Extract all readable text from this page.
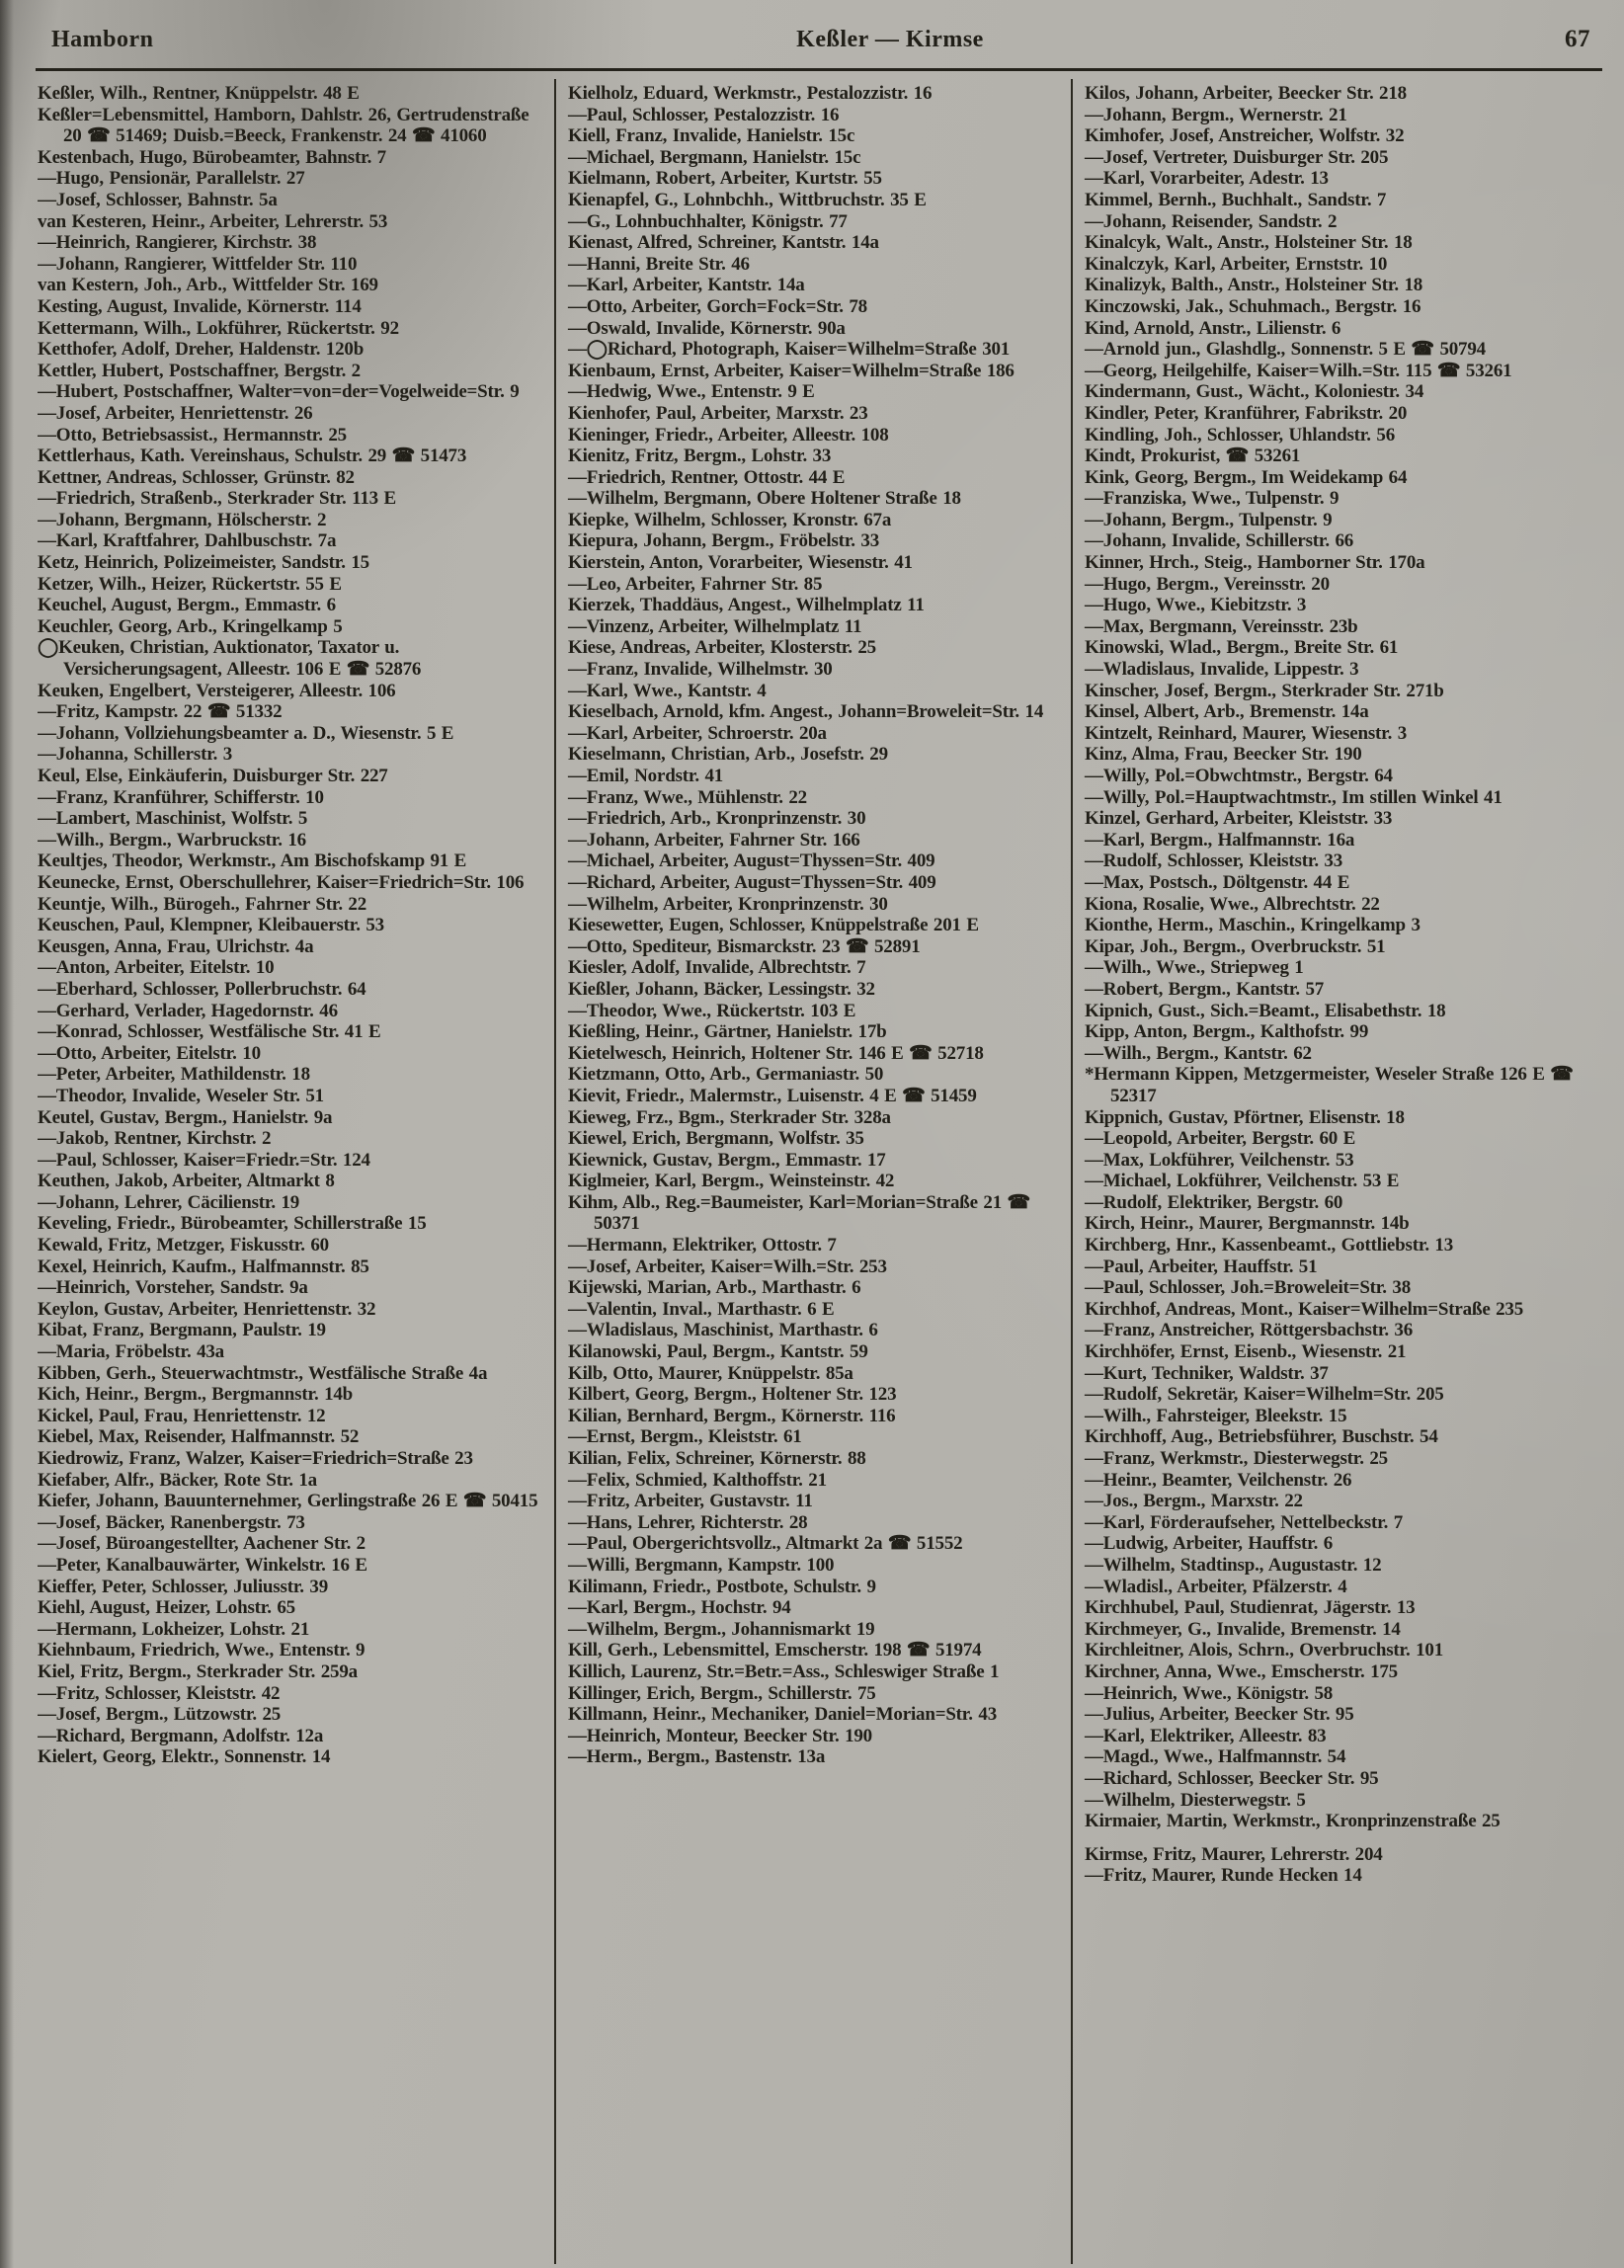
Hamborn	Keßler — Kirmse	67

Keßler, Wilh., Rentner, Knüppelstr. 48 E

Keßler=Lebensmittel, Hamborn, Dahlstr. 26, Gertrudenstraße 20 ☎ 51469; Duisb.=Beeck, Frankenstr. 24 ☎ 41060

Kestenbach, Hugo, Bürobeamter, Bahnstr. 7

—Hugo, Pensionär, Parallelstr. 27

—Josef, Schlosser, Bahnstr. 5a

van Kesteren, Heinr., Arbeiter, Lehrerstr. 53

—Heinrich, Rangierer, Kirchstr. 38

—Johann, Rangierer, Wittfelder Str. 110

van Kestern, Joh., Arb., Wittfelder Str. 169

Kesting, August, Invalide, Körnerstr. 114

Kettermann, Wilh., Lokführer, Rückertstr. 92

Ketthofer, Adolf, Dreher, Haldenstr. 120b

Kettler, Hubert, Postschaffner, Bergstr. 2

—Hubert, Postschaffner, Walter=von=der=Vogelweide=Str. 9

—Josef, Arbeiter, Henriettenstr. 26

—Otto, Betriebsassist., Hermannstr. 25

Kettlerhaus, Kath. Vereinshaus, Schulstr. 29 ☎ 51473

Kettner, Andreas, Schlosser, Grünstr. 82

—Friedrich, Straßenb., Sterkrader Str. 113 E

—Johann, Bergmann, Hölscherstr. 2

—Karl, Kraftfahrer, Dahlbuschstr. 7a

Ketz, Heinrich, Polizeimeister, Sandstr. 15

Ketzer, Wilh., Heizer, Rückertstr. 55 E

Keuchel, August, Bergm., Emmastr. 6

Keuchler, Georg, Arb., Kringelkamp 5

◯Keuken, Christian, Auktionator, Taxator u. Versicherungsagent, Alleestr. 106 E ☎ 52876

Keuken, Engelbert, Versteigerer, Alleestr. 106

—Fritz, Kampstr. 22 ☎ 51332

—Johann, Vollziehungsbeamter a. D., Wiesenstr. 5 E

—Johanna, Schillerstr. 3

Keul, Else, Einkäuferin, Duisburger Str. 227

—Franz, Kranführer, Schifferstr. 10

—Lambert, Maschinist, Wolfstr. 5

—Wilh., Bergm., Warbruckstr. 16

Keultjes, Theodor, Werkmstr., Am Bischofskamp 91 E

Keunecke, Ernst, Oberschullehrer, Kaiser=Friedrich=Str. 106

Keuntje, Wilh., Bürogeh., Fahrner Str. 22

Keuschen, Paul, Klempner, Kleibauerstr. 53

Keusgen, Anna, Frau, Ulrichstr. 4a

—Anton, Arbeiter, Eitelstr. 10

—Eberhard, Schlosser, Pollerbruchstr. 64

—Gerhard, Verlader, Hagedornstr. 46

—Konrad, Schlosser, Westfälische Str. 41 E

—Otto, Arbeiter, Eitelstr. 10

—Peter, Arbeiter, Mathildenstr. 18

—Theodor, Invalide, Weseler Str. 51

Keutel, Gustav, Bergm., Hanielstr. 9a

—Jakob, Rentner, Kirchstr. 2

—Paul, Schlosser, Kaiser=Friedr.=Str. 124

Keuthen, Jakob, Arbeiter, Altmarkt 8

—Johann, Lehrer, Cäcilienstr. 19

Keveling, Friedr., Bürobeamter, Schillerstraße 15

Kewald, Fritz, Metzger, Fiskusstr. 60

Kexel, Heinrich, Kaufm., Halfmannstr. 85

—Heinrich, Vorsteher, Sandstr. 9a

Keylon, Gustav, Arbeiter, Henriettenstr. 32

Kibat, Franz, Bergmann, Paulstr. 19

—Maria, Fröbelstr. 43a

Kibben, Gerh., Steuerwachtmstr., Westfälische Straße 4a

Kich, Heinr., Bergm., Bergmannstr. 14b

Kickel, Paul, Frau, Henriettenstr. 12

Kiebel, Max, Reisender, Halfmannstr. 52

Kiedrowiz, Franz, Walzer, Kaiser=Friedrich=Straße 23

Kiefaber, Alfr., Bäcker, Rote Str. 1a

Kiefer, Johann, Bauunternehmer, Gerlingstraße 26 E ☎ 50415

—Josef, Bäcker, Ranenbergstr. 73

—Josef, Büroangestellter, Aachener Str. 2

—Peter, Kanalbauwärter, Winkelstr. 16 E

Kieffer, Peter, Schlosser, Juliusstr. 39

Kiehl, August, Heizer, Lohstr. 65

—Hermann, Lokheizer, Lohstr. 21

Kiehnbaum, Friedrich, Wwe., Entenstr. 9

Kiel, Fritz, Bergm., Sterkrader Str. 259a

—Fritz, Schlosser, Kleiststr. 42

—Josef, Bergm., Lützowstr. 25

—Richard, Bergmann, Adolfstr. 12a

Kielert, Georg, Elektr., Sonnenstr. 14

Kielholz, Eduard, Werkmstr., Pestalozzistr. 16

—Paul, Schlosser, Pestalozzistr. 16

Kiell, Franz, Invalide, Hanielstr. 15c

—Michael, Bergmann, Hanielstr. 15c

Kielmann, Robert, Arbeiter, Kurtstr. 55

Kienapfel, G., Lohnbchh., Wittbruchstr. 35 E

—G., Lohnbuchhalter, Königstr. 77

Kienast, Alfred, Schreiner, Kantstr. 14a

—Hanni, Breite Str. 46

—Karl, Arbeiter, Kantstr. 14a

—Otto, Arbeiter, Gorch=Fock=Str. 78

—Oswald, Invalide, Körnerstr. 90a

—◯Richard, Photograph, Kaiser=Wilhelm=Straße 301

Kienbaum, Ernst, Arbeiter, Kaiser=Wilhelm=Straße 186

—Hedwig, Wwe., Entenstr. 9 E

Kienhofer, Paul, Arbeiter, Marxstr. 23

Kieninger, Friedr., Arbeiter, Alleestr. 108

Kienitz, Fritz, Bergm., Lohstr. 33

—Friedrich, Rentner, Ottostr. 44 E

—Wilhelm, Bergmann, Obere Holtener Straße 18

Kiepke, Wilhelm, Schlosser, Kronstr. 67a

Kiepura, Johann, Bergm., Fröbelstr. 33

Kierstein, Anton, Vorarbeiter, Wiesenstr. 41

—Leo, Arbeiter, Fahrner Str. 85

Kierzek, Thaddäus, Angest., Wilhelmplatz 11

—Vinzenz, Arbeiter, Wilhelmplatz 11

Kiese, Andreas, Arbeiter, Klosterstr. 25

—Franz, Invalide, Wilhelmstr. 30

—Karl, Wwe., Kantstr. 4

Kieselbach, Arnold, kfm. Angest., Johann=Broweleit=Str. 14

—Karl, Arbeiter, Schroerstr. 20a

Kieselmann, Christian, Arb., Josefstr. 29

—Emil, Nordstr. 41

—Franz, Wwe., Mühlenstr. 22

—Friedrich, Arb., Kronprinzenstr. 30

—Johann, Arbeiter, Fahrner Str. 166

—Michael, Arbeiter, August=Thyssen=Str. 409

—Richard, Arbeiter, August=Thyssen=Str. 409

—Wilhelm, Arbeiter, Kronprinzenstr. 30

Kiesewetter, Eugen, Schlosser, Knüppelstraße 201 E

—Otto, Spediteur, Bismarckstr. 23 ☎ 52891

Kiesler, Adolf, Invalide, Albrechtstr. 7

Kießler, Johann, Bäcker, Lessingstr. 32

—Theodor, Wwe., Rückertstr. 103 E

Kießling, Heinr., Gärtner, Hanielstr. 17b

Kietelwesch, Heinrich, Holtener Str. 146 E ☎ 52718

Kietzmann, Otto, Arb., Germaniastr. 50

Kievit, Friedr., Malermstr., Luisenstr. 4 E ☎ 51459

Kieweg, Frz., Bgm., Sterkrader Str. 328a

Kiewel, Erich, Bergmann, Wolfstr. 35

Kiewnick, Gustav, Bergm., Emmastr. 17

Kiglmeier, Karl, Bergm., Weinsteinstr. 42

Kihm, Alb., Reg.=Baumeister, Karl=Morian=Straße 21 ☎ 50371

—Hermann, Elektriker, Ottostr. 7

—Josef, Arbeiter, Kaiser=Wilh.=Str. 253

Kijewski, Marian, Arb., Marthastr. 6

—Valentin, Inval., Marthastr. 6 E

—Wladislaus, Maschinist, Marthastr. 6

Kilanowski, Paul, Bergm., Kantstr. 59

Kilb, Otto, Maurer, Knüppelstr. 85a

Kilbert, Georg, Bergm., Holtener Str. 123

Kilian, Bernhard, Bergm., Körnerstr. 116

—Ernst, Bergm., Kleiststr. 61

Kilian, Felix, Schreiner, Körnerstr. 88

—Felix, Schmied, Kalthoffstr. 21

—Fritz, Arbeiter, Gustavstr. 11

—Hans, Lehrer, Richterstr. 28

—Paul, Obergerichtsvollz., Altmarkt 2a ☎ 51552

—Willi, Bergmann, Kampstr. 100

Kilimann, Friedr., Postbote, Schulstr. 9

—Karl, Bergm., Hochstr. 94

—Wilhelm, Bergm., Johannismarkt 19

Kill, Gerh., Lebensmittel, Emscherstr. 198 ☎ 51974

Killich, Laurenz, Str.=Betr.=Ass., Schleswiger Straße 1

Killinger, Erich, Bergm., Schillerstr. 75

Killmann, Heinr., Mechaniker, Daniel=Morian=Str. 43

—Heinrich, Monteur, Beecker Str. 190

—Herm., Bergm., Bastenstr. 13a

Kilos, Johann, Arbeiter, Beecker Str. 218

—Johann, Bergm., Wernerstr. 21

Kimhofer, Josef, Anstreicher, Wolfstr. 32

—Josef, Vertreter, Duisburger Str. 205

—Karl, Vorarbeiter, Adestr. 13

Kimmel, Bernh., Buchhalt., Sandstr. 7

—Johann, Reisender, Sandstr. 2

Kinalcyk, Walt., Anstr., Holsteiner Str. 18

Kinalczyk, Karl, Arbeiter, Ernststr. 10

Kinalizyk, Balth., Anstr., Holsteiner Str. 18

Kinczowski, Jak., Schuhmach., Bergstr. 16

Kind, Arnold, Anstr., Lilienstr. 6

—Arnold jun., Glashdlg., Sonnenstr. 5 E ☎ 50794

—Georg, Heilgehilfe, Kaiser=Wilh.=Str. 115 ☎ 53261

Kindermann, Gust., Wächt., Koloniestr. 34

Kindler, Peter, Kranführer, Fabrikstr. 20

Kindling, Joh., Schlosser, Uhlandstr. 56

Kindt, Prokurist, ☎ 53261

Kink, Georg, Bergm., Im Weidekamp 64

—Franziska, Wwe., Tulpenstr. 9

—Johann, Bergm., Tulpenstr. 9

—Johann, Invalide, Schillerstr. 66

Kinner, Hrch., Steig., Hamborner Str. 170a

—Hugo, Bergm., Vereinsstr. 20

—Hugo, Wwe., Kiebitzstr. 3

—Max, Bergmann, Vereinsstr. 23b

Kinowski, Wlad., Bergm., Breite Str. 61

—Wladislaus, Invalide, Lippestr. 3

Kinscher, Josef, Bergm., Sterkrader Str. 271b

Kinsel, Albert, Arb., Bremenstr. 14a

Kintzelt, Reinhard, Maurer, Wiesenstr. 3

Kinz, Alma, Frau, Beecker Str. 190

—Willy, Pol.=Obwchtmstr., Bergstr. 64

—Willy, Pol.=Hauptwachtmstr., Im stillen Winkel 41

Kinzel, Gerhard, Arbeiter, Kleiststr. 33

—Karl, Bergm., Halfmannstr. 16a

—Rudolf, Schlosser, Kleiststr. 33

—Max, Postsch., Döltgenstr. 44 E

Kiona, Rosalie, Wwe., Albrechtstr. 22

Kionthe, Herm., Maschin., Kringelkamp 3

Kipar, Joh., Bergm., Overbruckstr. 51

—Wilh., Wwe., Striepweg 1

—Robert, Bergm., Kantstr. 57

Kipnich, Gust., Sich.=Beamt., Elisabethstr. 18

Kipp, Anton, Bergm., Kalthofstr. 99

—Wilh., Bergm., Kantstr. 62

*Hermann Kippen, Metzgermeister, Weseler Straße 126 E ☎ 52317

Kippnich, Gustav, Pförtner, Elisenstr. 18

—Leopold, Arbeiter, Bergstr. 60 E

—Max, Lokführer, Veilchenstr. 53

—Michael, Lokführer, Veilchenstr. 53 E

—Rudolf, Elektriker, Bergstr. 60

Kirch, Heinr., Maurer, Bergmannstr. 14b

Kirchberg, Hnr., Kassenbeamt., Gottliebstr. 13

—Paul, Arbeiter, Hauffstr. 51

—Paul, Schlosser, Joh.=Broweleit=Str. 38

Kirchhof, Andreas, Mont., Kaiser=Wilhelm=Straße 235

—Franz, Anstreicher, Röttgersbachstr. 36

Kirchhöfer, Ernst, Eisenb., Wiesenstr. 21

—Kurt, Techniker, Waldstr. 37

—Rudolf, Sekretär, Kaiser=Wilhelm=Str. 205

—Wilh., Fahrsteiger, Bleekstr. 15

Kirchhoff, Aug., Betriebsführer, Buschstr. 54

—Franz, Werkmstr., Diesterwegstr. 25

—Heinr., Beamter, Veilchenstr. 26

—Jos., Bergm., Marxstr. 22

—Karl, Förderaufseher, Nettelbeckstr. 7

—Ludwig, Arbeiter, Hauffstr. 6

—Wilhelm, Stadtinsp., Augustastr. 12

—Wladisl., Arbeiter, Pfälzerstr. 4

Kirchhubel, Paul, Studienrat, Jägerstr. 13

Kirchmeyer, G., Invalide, Bremenstr. 14

Kirchleitner, Alois, Schrn., Overbruchstr. 101

Kirchner, Anna, Wwe., Emscherstr. 175

—Heinrich, Wwe., Königstr. 58

—Julius, Arbeiter, Beecker Str. 95

—Karl, Elektriker, Alleestr. 83

—Magd., Wwe., Halfmannstr. 54

—Richard, Schlosser, Beecker Str. 95

—Wilhelm, Diesterwegstr. 5

Kirmaier, Martin, Werkmstr., Kronprinzenstraße 25

Kirmse, Fritz, Maurer, Lehrerstr. 204

—Fritz, Maurer, Runde Hecken 14
